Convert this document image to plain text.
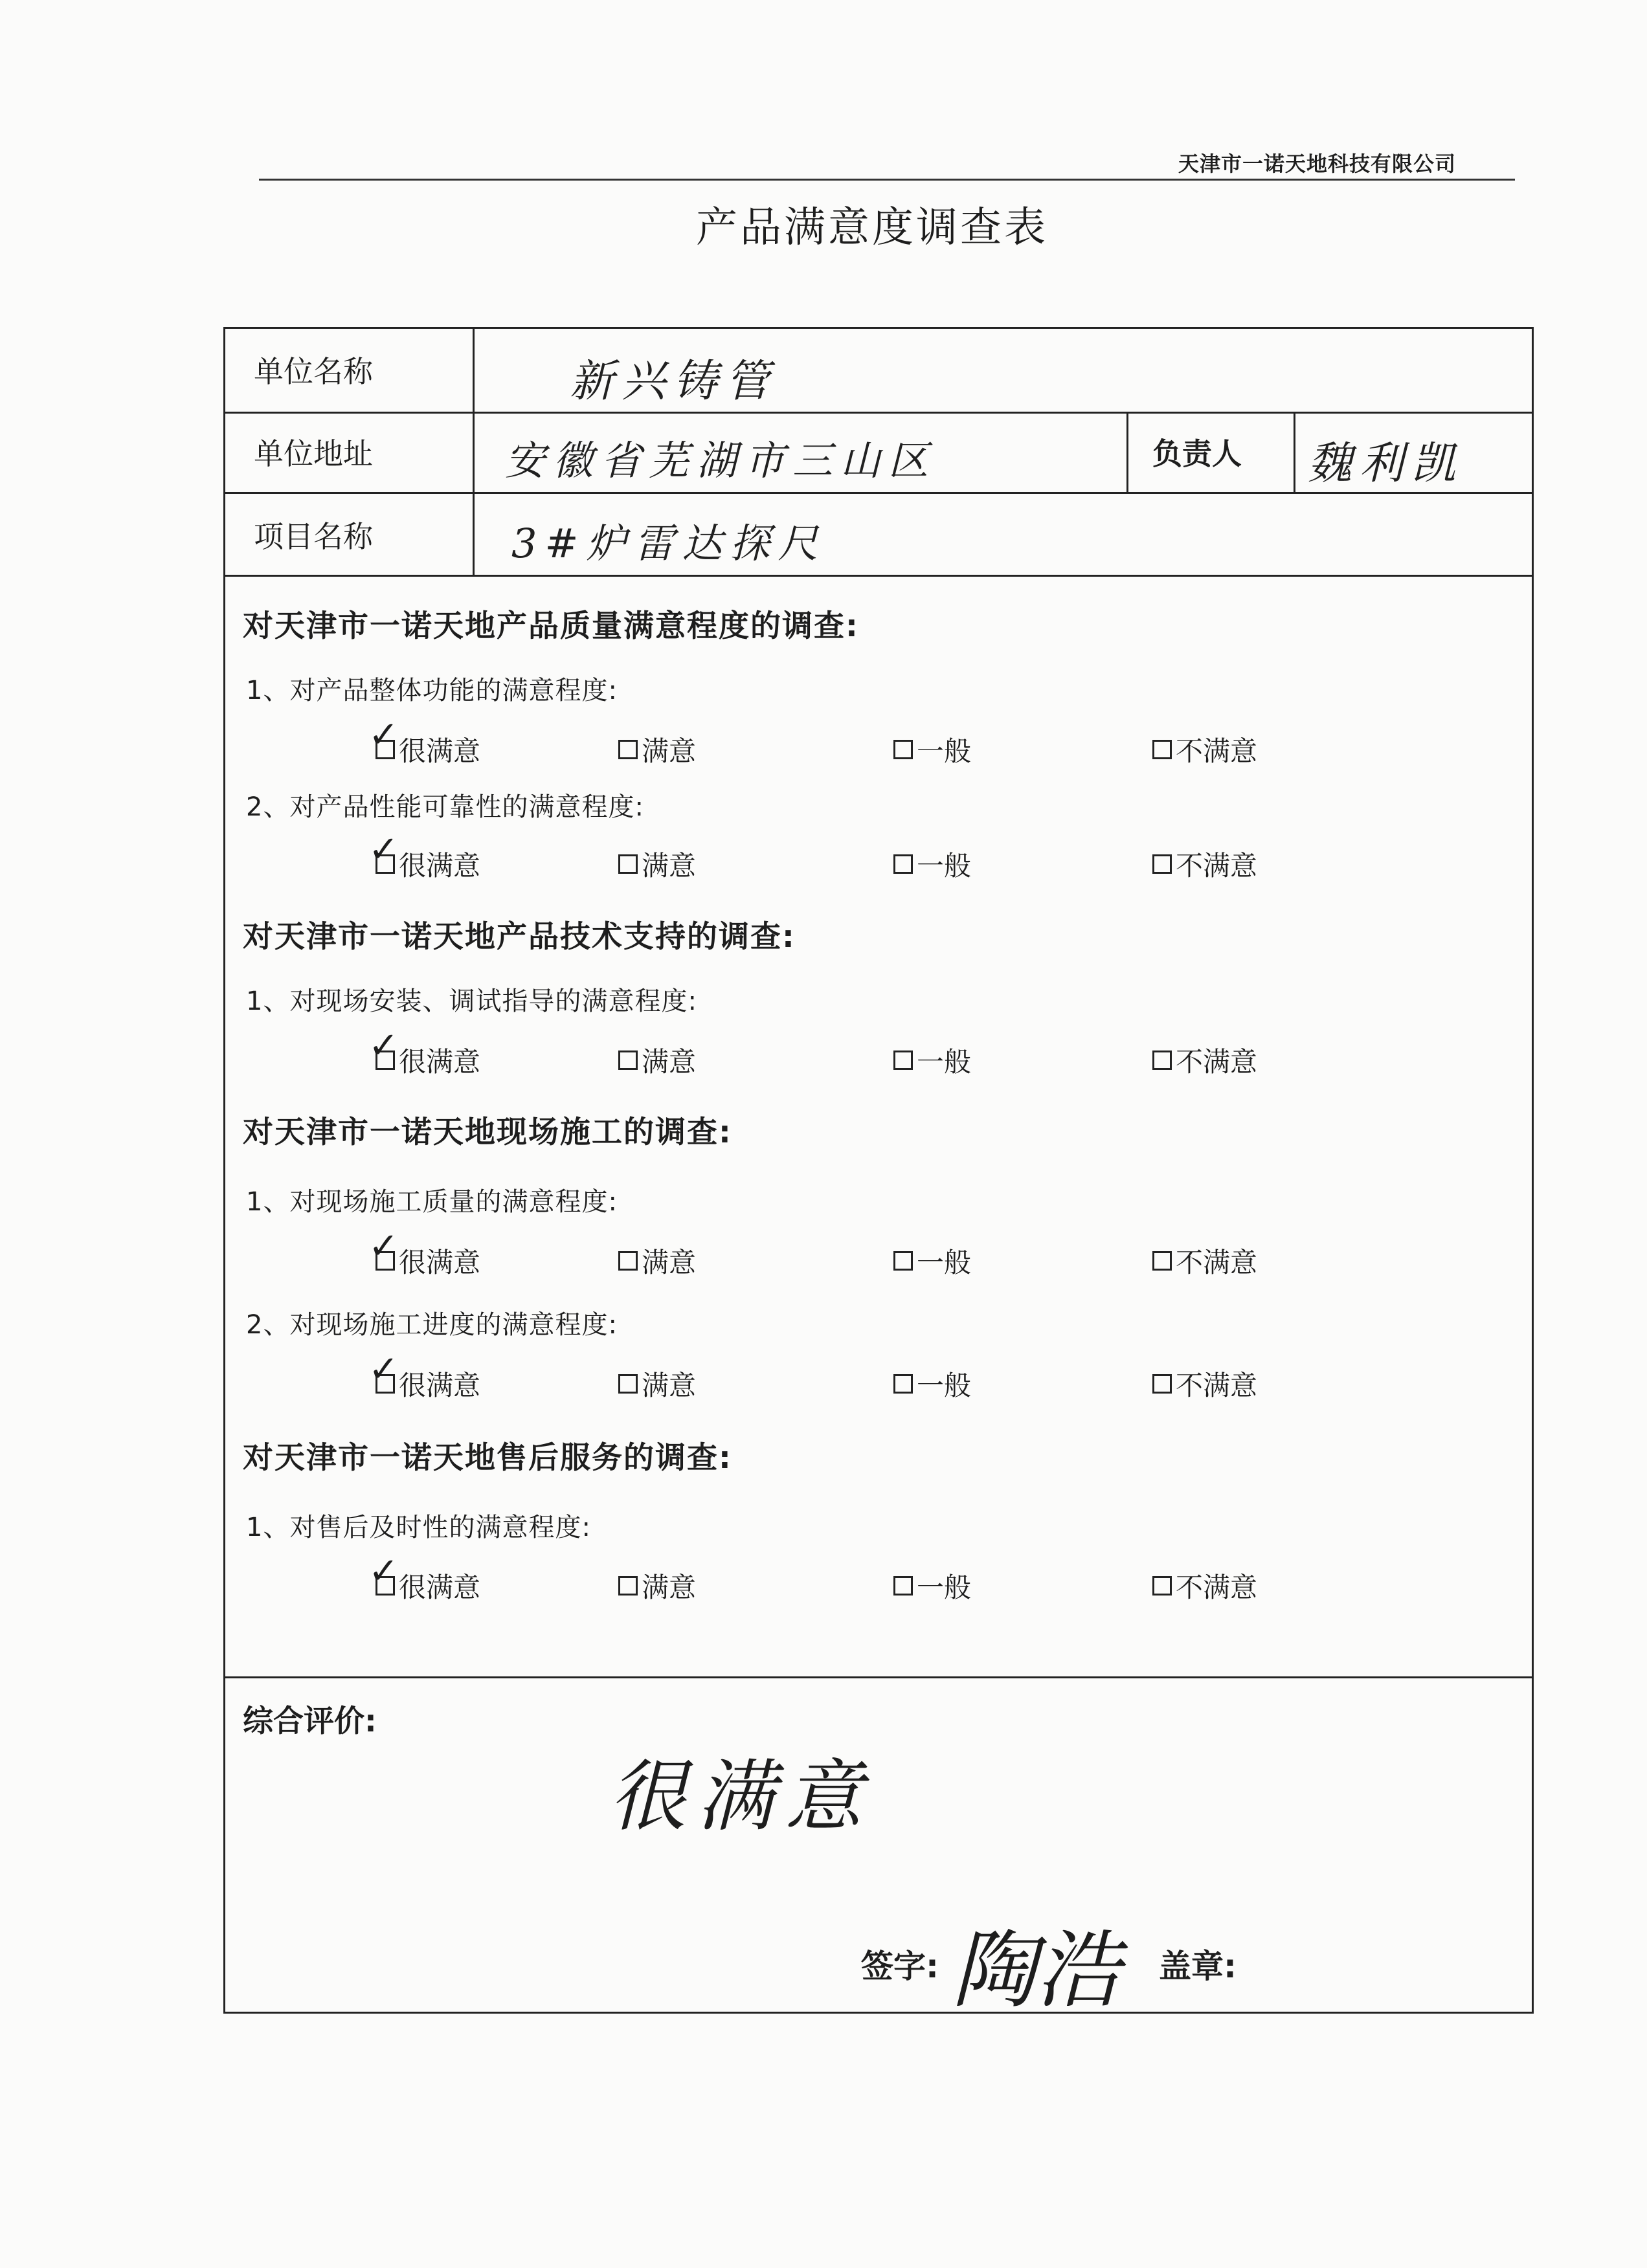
天津市一诺天地科技有限公司
产品满意度调查表
单位名称	新兴铸管
单位地址	安徽省芜湖市三山区	负责人 魏利凯
项目名称	3#炉雷达探尺
对天津市一诺天地产品质量满意程度的调查:
1、对产品整体功能的满意程度:
✓ 很满意	满意	一般	不满意
2、对产品性能可靠性的满意程度:
✓ 很满意	满意	一般	不满意
对天津市一诺天地产品技术支持的调查:
1、对现场安装、调试指导的满意程度:
✓ 很满意	满意	一般	不满意
对天津市一诺天地现场施工的调查:
1、对现场施工质量的满意程度:
✓ 很满意	满意	一般	不满意
2、对现场施工进度的满意程度:
✓ 很满意	满意	一般	不满意
对天津市一诺天地售后服务的调查:
1、对售后及时性的满意程度:
✓ 很满意	满意	一般	不满意
综合评价:
很满意
签字: 陶浩 盖章:
